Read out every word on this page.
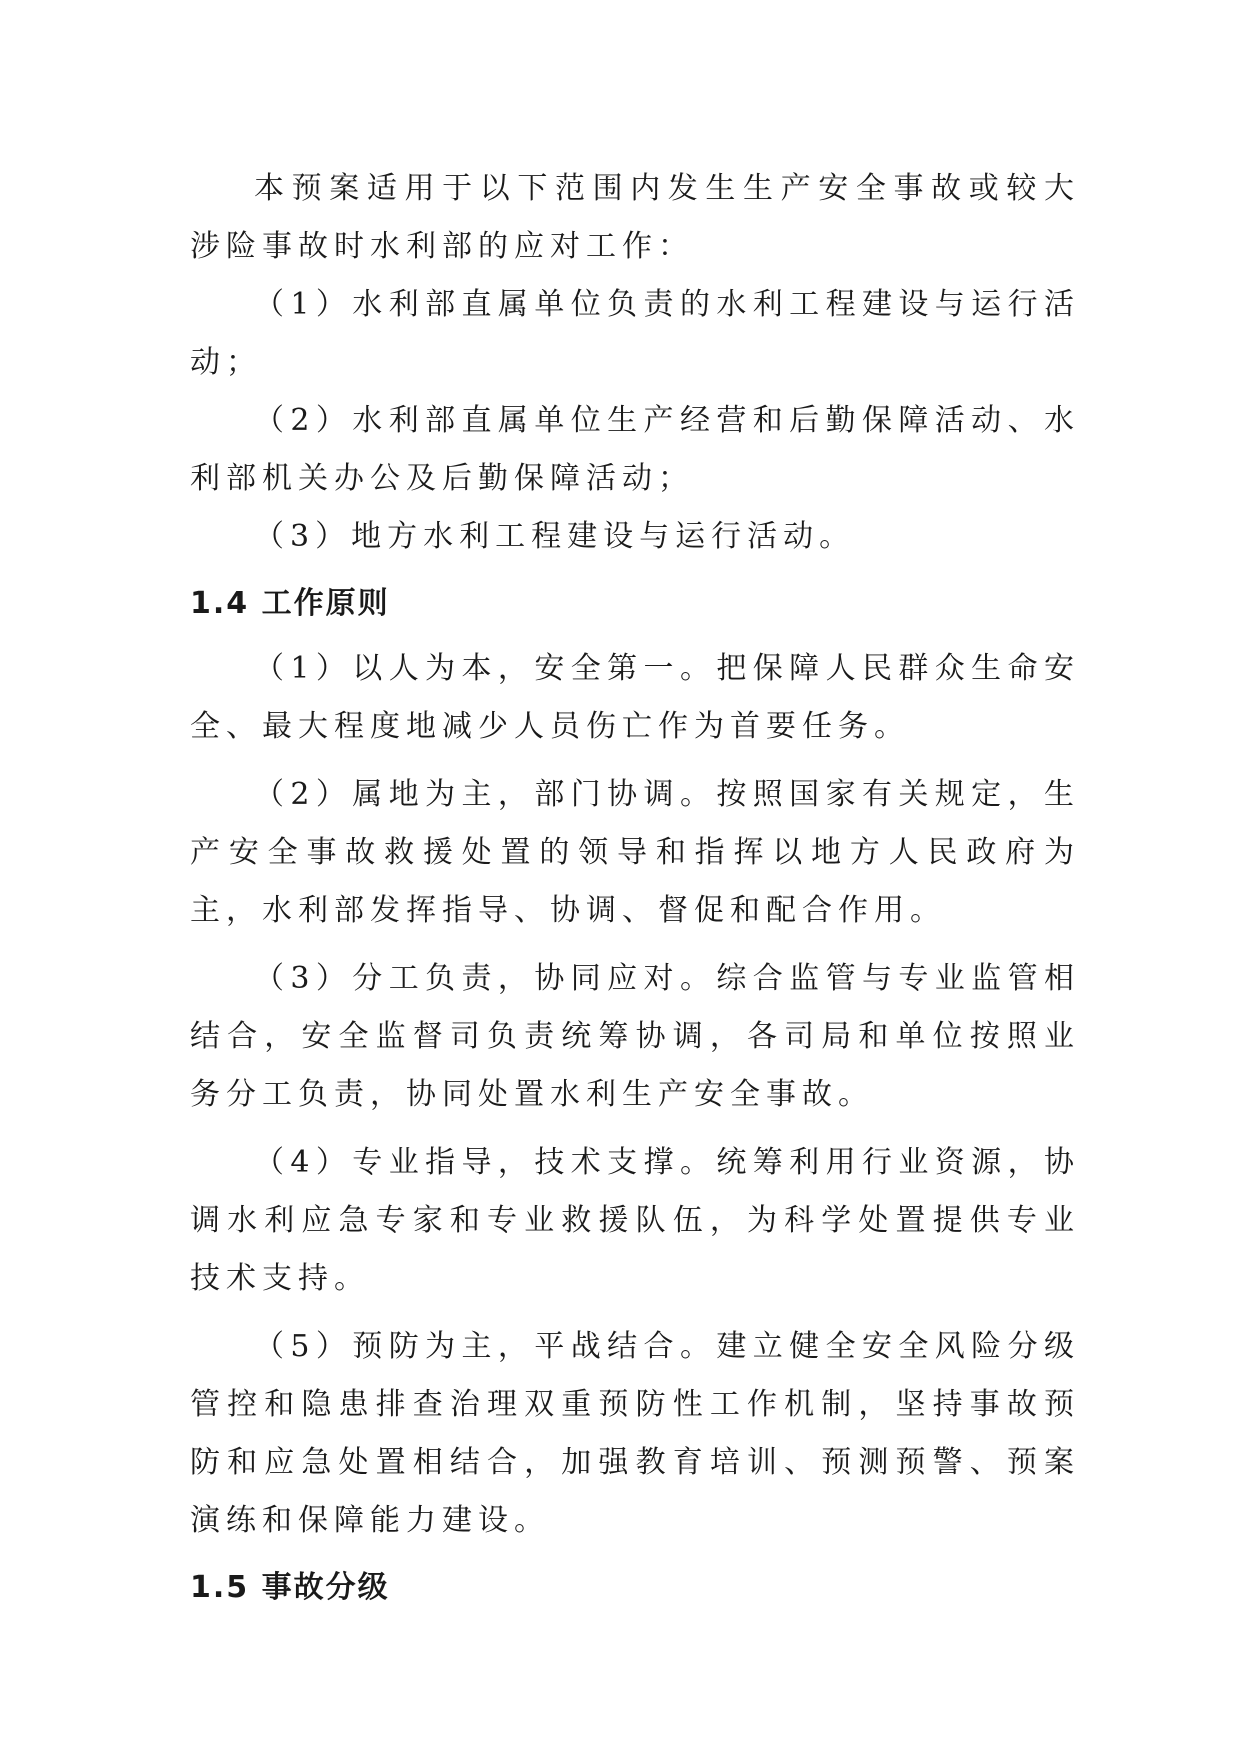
本预案适用于以下范围内发生生产安全事故或较大涉险事故时水利部的应对工作：

（1）水利部直属单位负责的水利工程建设与运行活动；

（2）水利部直属单位生产经营和后勤保障活动、水利部机关办公及后勤保障活动；

（3）地方水利工程建设与运行活动。

1.4 工作原则

（1）以人为本，安全第一。把保障人民群众生命安全、最大程度地减少人员伤亡作为首要任务。

（2）属地为主，部门协调。按照国家有关规定，生产安全事故救援处置的领导和指挥以地方人民政府为主，水利部发挥指导、协调、督促和配合作用。

（3）分工负责，协同应对。综合监管与专业监管相结合，安全监督司负责统筹协调，各司局和单位按照业务分工负责，协同处置水利生产安全事故。

（4）专业指导，技术支撑。统筹利用行业资源，协调水利应急专家和专业救援队伍，为科学处置提供专业技术支持。

（5）预防为主，平战结合。建立健全安全风险分级管控和隐患排查治理双重预防性工作机制，坚持事故预防和应急处置相结合，加强教育培训、预测预警、预案演练和保障能力建设。

1.5 事故分级
